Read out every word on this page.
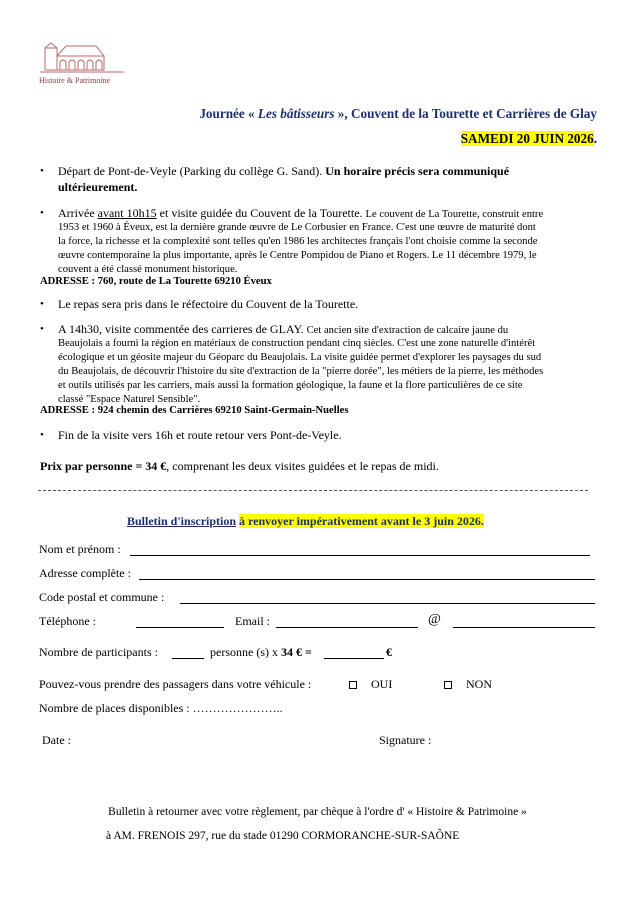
Histoire & Patrimoine
Journée « Les bâtisseurs », Couvent de la Tourette et Carrières de Glay
SAMEDI 20 JUIN 2026.
• Départ de Pont-de-Veyle (Parking du collège G. Sand). Un horaire précis sera communiqué
ultérieurement.
• Arrivée avant 10h15 et visite guidée du Couvent de la Tourette. Le couvent de La Tourette, construit entre
1953 et 1960 à Éveux, est la dernière grande œuvre de Le Corbusier en France. C'est une œuvre de maturité dont
la force, la richesse et la complexité sont telles qu'en 1986 les architectes français l'ont choisie comme la seconde
œuvre contemporaine la plus importante, après le Centre Pompidou de Piano et Rogers. Le 11 décembre 1979, le
couvent a été classé monument historique.
ADRESSE : 760, route de La Tourette 69210 Éveux
• Le repas sera pris dans le réfectoire du Couvent de la Tourette.
• A 14h30, visite commentée des carrieres de GLAY. Cet ancien site d'extraction de calcaire jaune du
Beaujolais a fourni la région en matériaux de construction pendant cinq siècles. C'est une zone naturelle d'intérêt
écologique et un géosite majeur du Géoparc du Beaujolais. La visite guidée permet d'explorer les paysages du sud
du Beaujolais, de découvrir l'histoire du site d'extraction de la "pierre dorée", les métiers de la pierre, les méthodes
et outils utilisés par les carriers, mais aussi la formation géologique, la faune et la flore particulières de ce site
classé "Espace Naturel Sensible".
ADRESSE : 924 chemin des Carrières 69210 Saint-Germain-Nuelles
• Fin de la visite vers 16h et route retour vers Pont-de-Veyle.
Prix par personne = 34 €, comprenant les deux visites guidées et le repas de midi.
Bulletin d'inscription à renvoyer impérativement avant le 3 juin 2026.
Nom et prénom :
Adresse complète :
Code postal et commune :
Téléphone :	Email :	@
Nombre de participants :	personne (s) x 34 € =	€
Pouvez-vous prendre des passagers dans votre véhicule :	OUI	NON
Nombre de places disponibles : …………………..
Date :	Signature :
Bulletin à retourner avec votre règlement, par chèque à l'ordre d' « Histoire & Patrimoine »
à AM. FRENOIS 297, rue du stade 01290 CORMORANCHE-SUR-SAÔNE
